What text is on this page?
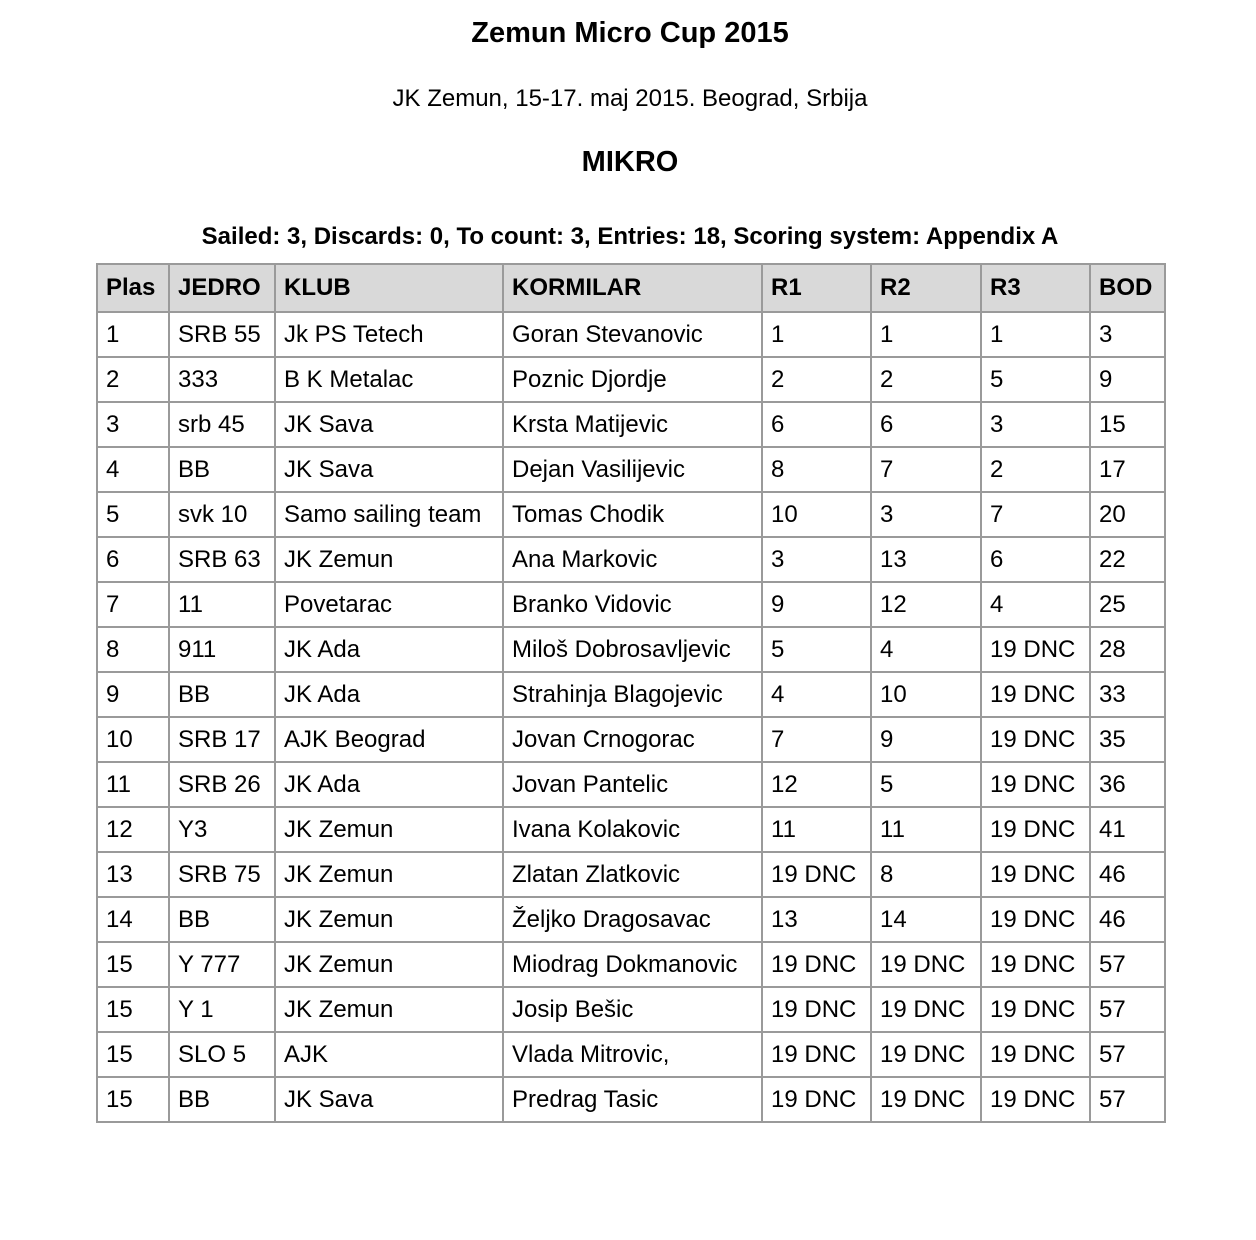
Zemun Micro Cup 2015
JK Zemun, 15-17. maj 2015. Beograd, Srbija
MIKRO
Sailed: 3, Discards: 0, To count: 3, Entries: 18, Scoring system: Appendix A
Plas	JEDRO	KLUB	KORMILAR	R1	R2	R3	BOD
1	SRB 55	Jk PS Tetech	Goran Stevanovic	1	1	1	3
2	333	B K Metalac	Poznic Djordje	2	2	5	9
3	srb 45	JK Sava	Krsta Matijevic	6	6	3	15
4	BB	JK Sava	Dejan Vasilijevic	8	7	2	17
5	svk 10	Samo sailing team	Tomas Chodik	10	3	7	20
6	SRB 63	JK Zemun	Ana Markovic	3	13	6	22
7	11	Povetarac	Branko Vidovic	9	12	4	25
8	911	JK Ada	Miloš Dobrosavljevic	5	4	19 DNC	28
9	BB	JK Ada	Strahinja Blagojevic	4	10	19 DNC	33
10	SRB 17	AJK Beograd	Jovan Crnogorac	7	9	19 DNC	35
11	SRB 26	JK Ada	Jovan Pantelic	12	5	19 DNC	36
12	Y3	JK Zemun	Ivana Kolakovic	11	11	19 DNC	41
13	SRB 75	JK Zemun	Zlatan Zlatkovic	19 DNC	8	19 DNC	46
14	BB	JK Zemun	Željko Dragosavac	13	14	19 DNC	46
15	Y 777	JK Zemun	Miodrag Dokmanovic	19 DNC	19 DNC	19 DNC	57
15	Y 1	JK Zemun	Josip Bešic	19 DNC	19 DNC	19 DNC	57
15	SLO 5	AJK	Vlada Mitrovic,	19 DNC	19 DNC	19 DNC	57
15	BB	JK Sava	Predrag Tasic	19 DNC	19 DNC	19 DNC	57
